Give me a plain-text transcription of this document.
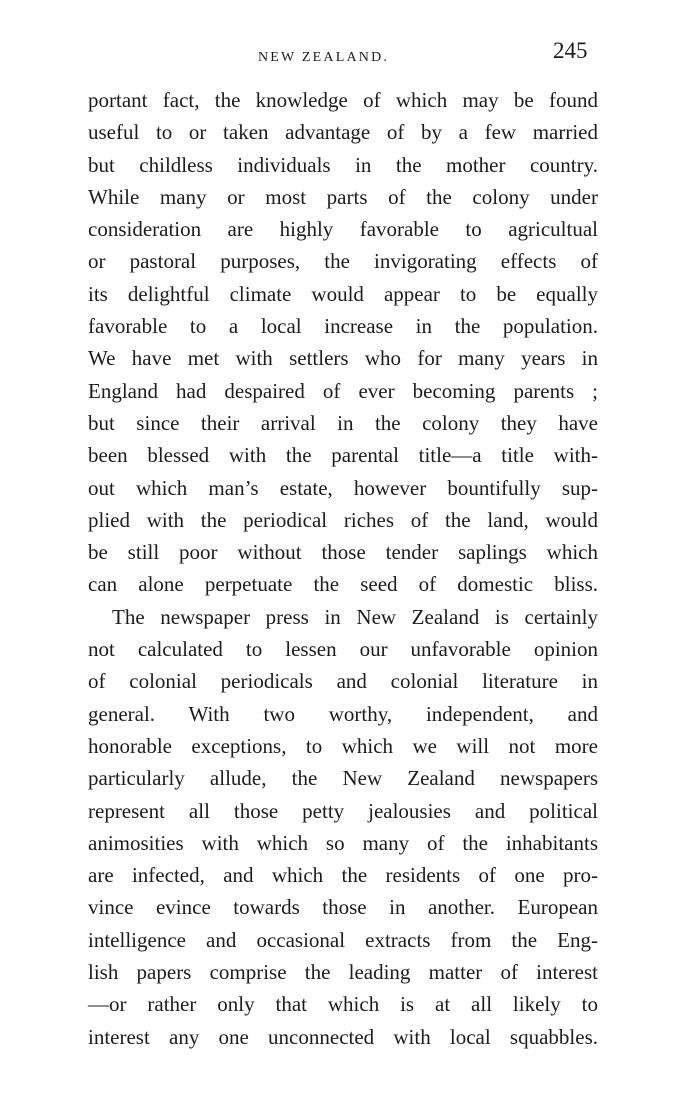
NEW ZEALAND.	245
portant fact, the knowledge of which may be found
useful to or taken advantage of by a few married
but childless individuals in the mother country.
While many or most parts of the colony under
consideration are highly favorable to agricultual
or pastoral purposes, the invigorating effects of
its delightful climate would appear to be equally
favorable to a local increase in the population.
We have met with settlers who for many years in
England had despaired of ever becoming parents ;
but since their arrival in the colony they have
been blessed with the parental title—a title with-
out which man’s estate, however bountifully sup-
plied with the periodical riches of the land, would
be still poor without those tender saplings which
can alone perpetuate the seed of domestic bliss.
The newspaper press in New Zealand is certainly
not calculated to lessen our unfavorable opinion
of colonial periodicals and colonial literature in
general. With two worthy, independent, and
honorable exceptions, to which we will not more
particularly allude, the New Zealand newspapers
represent all those petty jealousies and political
animosities with which so many of the inhabitants
are infected, and which the residents of one pro-
vince evince towards those in another. European
intelligence and occasional extracts from the Eng-
lish papers comprise the leading matter of interest
—or rather only that which is at all likely to
interest any one unconnected with local squabbles.
